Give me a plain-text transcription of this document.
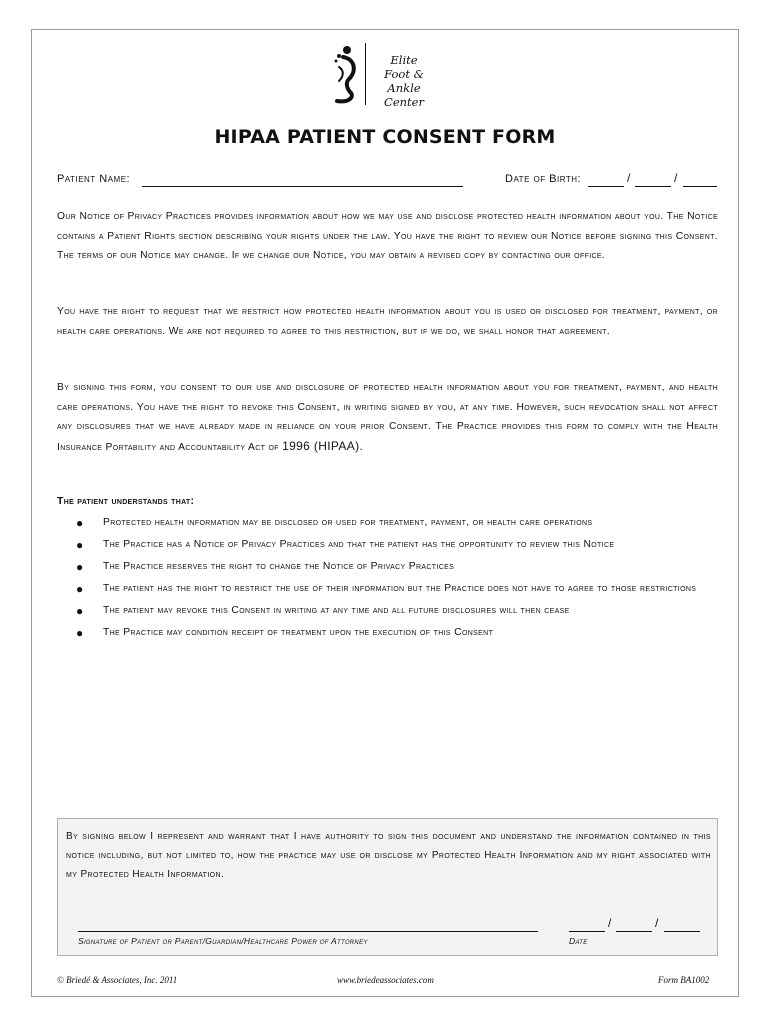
Elite
Foot & Ankle
Center
HIPAA PATIENT CONSENT FORM
Patient Name:	Date of Birth:	/	/
Our Notice of Privacy Practices provides information about how we may use and disclose protected health information about you. The Notice contains a Patient Rights section describing your rights under the law. You have the right to review our Notice before signing this Consent. The terms of our Notice may change. If we change our Notice, you may obtain a revised copy by contacting our office.
You have the right to request that we restrict how protected health information about you is used or disclosed for treatment, payment, or health care operations. We are not required to agree to this restriction, but if we do, we shall honor that agreement.
By signing this form, you consent to our use and disclosure of protected health information about you for treatment, payment, and health care operations. You have the right to revoke this Consent, in writing signed by you, at any time. However, such revocation shall not affect any disclosures that we have already made in reliance on your prior Consent. The Practice provides this form to comply with the Health Insurance Portability and Accountability Act of 1996 (HIPAA).
The patient understands that:
● Protected health information may be disclosed or used for treatment, payment, or health care operations
● The Practice has a Notice of Privacy Practices and that the patient has the opportunity to review this Notice
● The Practice reserves the right to change the Notice of Privacy Practices
● The patient has the right to restrict the use of their information but the Practice does not have to agree to those restrictions
● The patient may revoke this Consent in writing at any time and all future disclosures will then cease
● The Practice may condition receipt of treatment upon the execution of this Consent
By signing below I represent and warrant that I have authority to sign this document and understand the information contained in this notice including, but not limited to, how the practice may use or disclose my Protected Health Information and my right associated with my Protected Health Information.
Signature of Patient or Parent/Guardian/Healthcare Power of Attorney
/	/
Date
© Briedé & Associates, Inc. 2011	www.briedeassociates.com	Form BA1002
